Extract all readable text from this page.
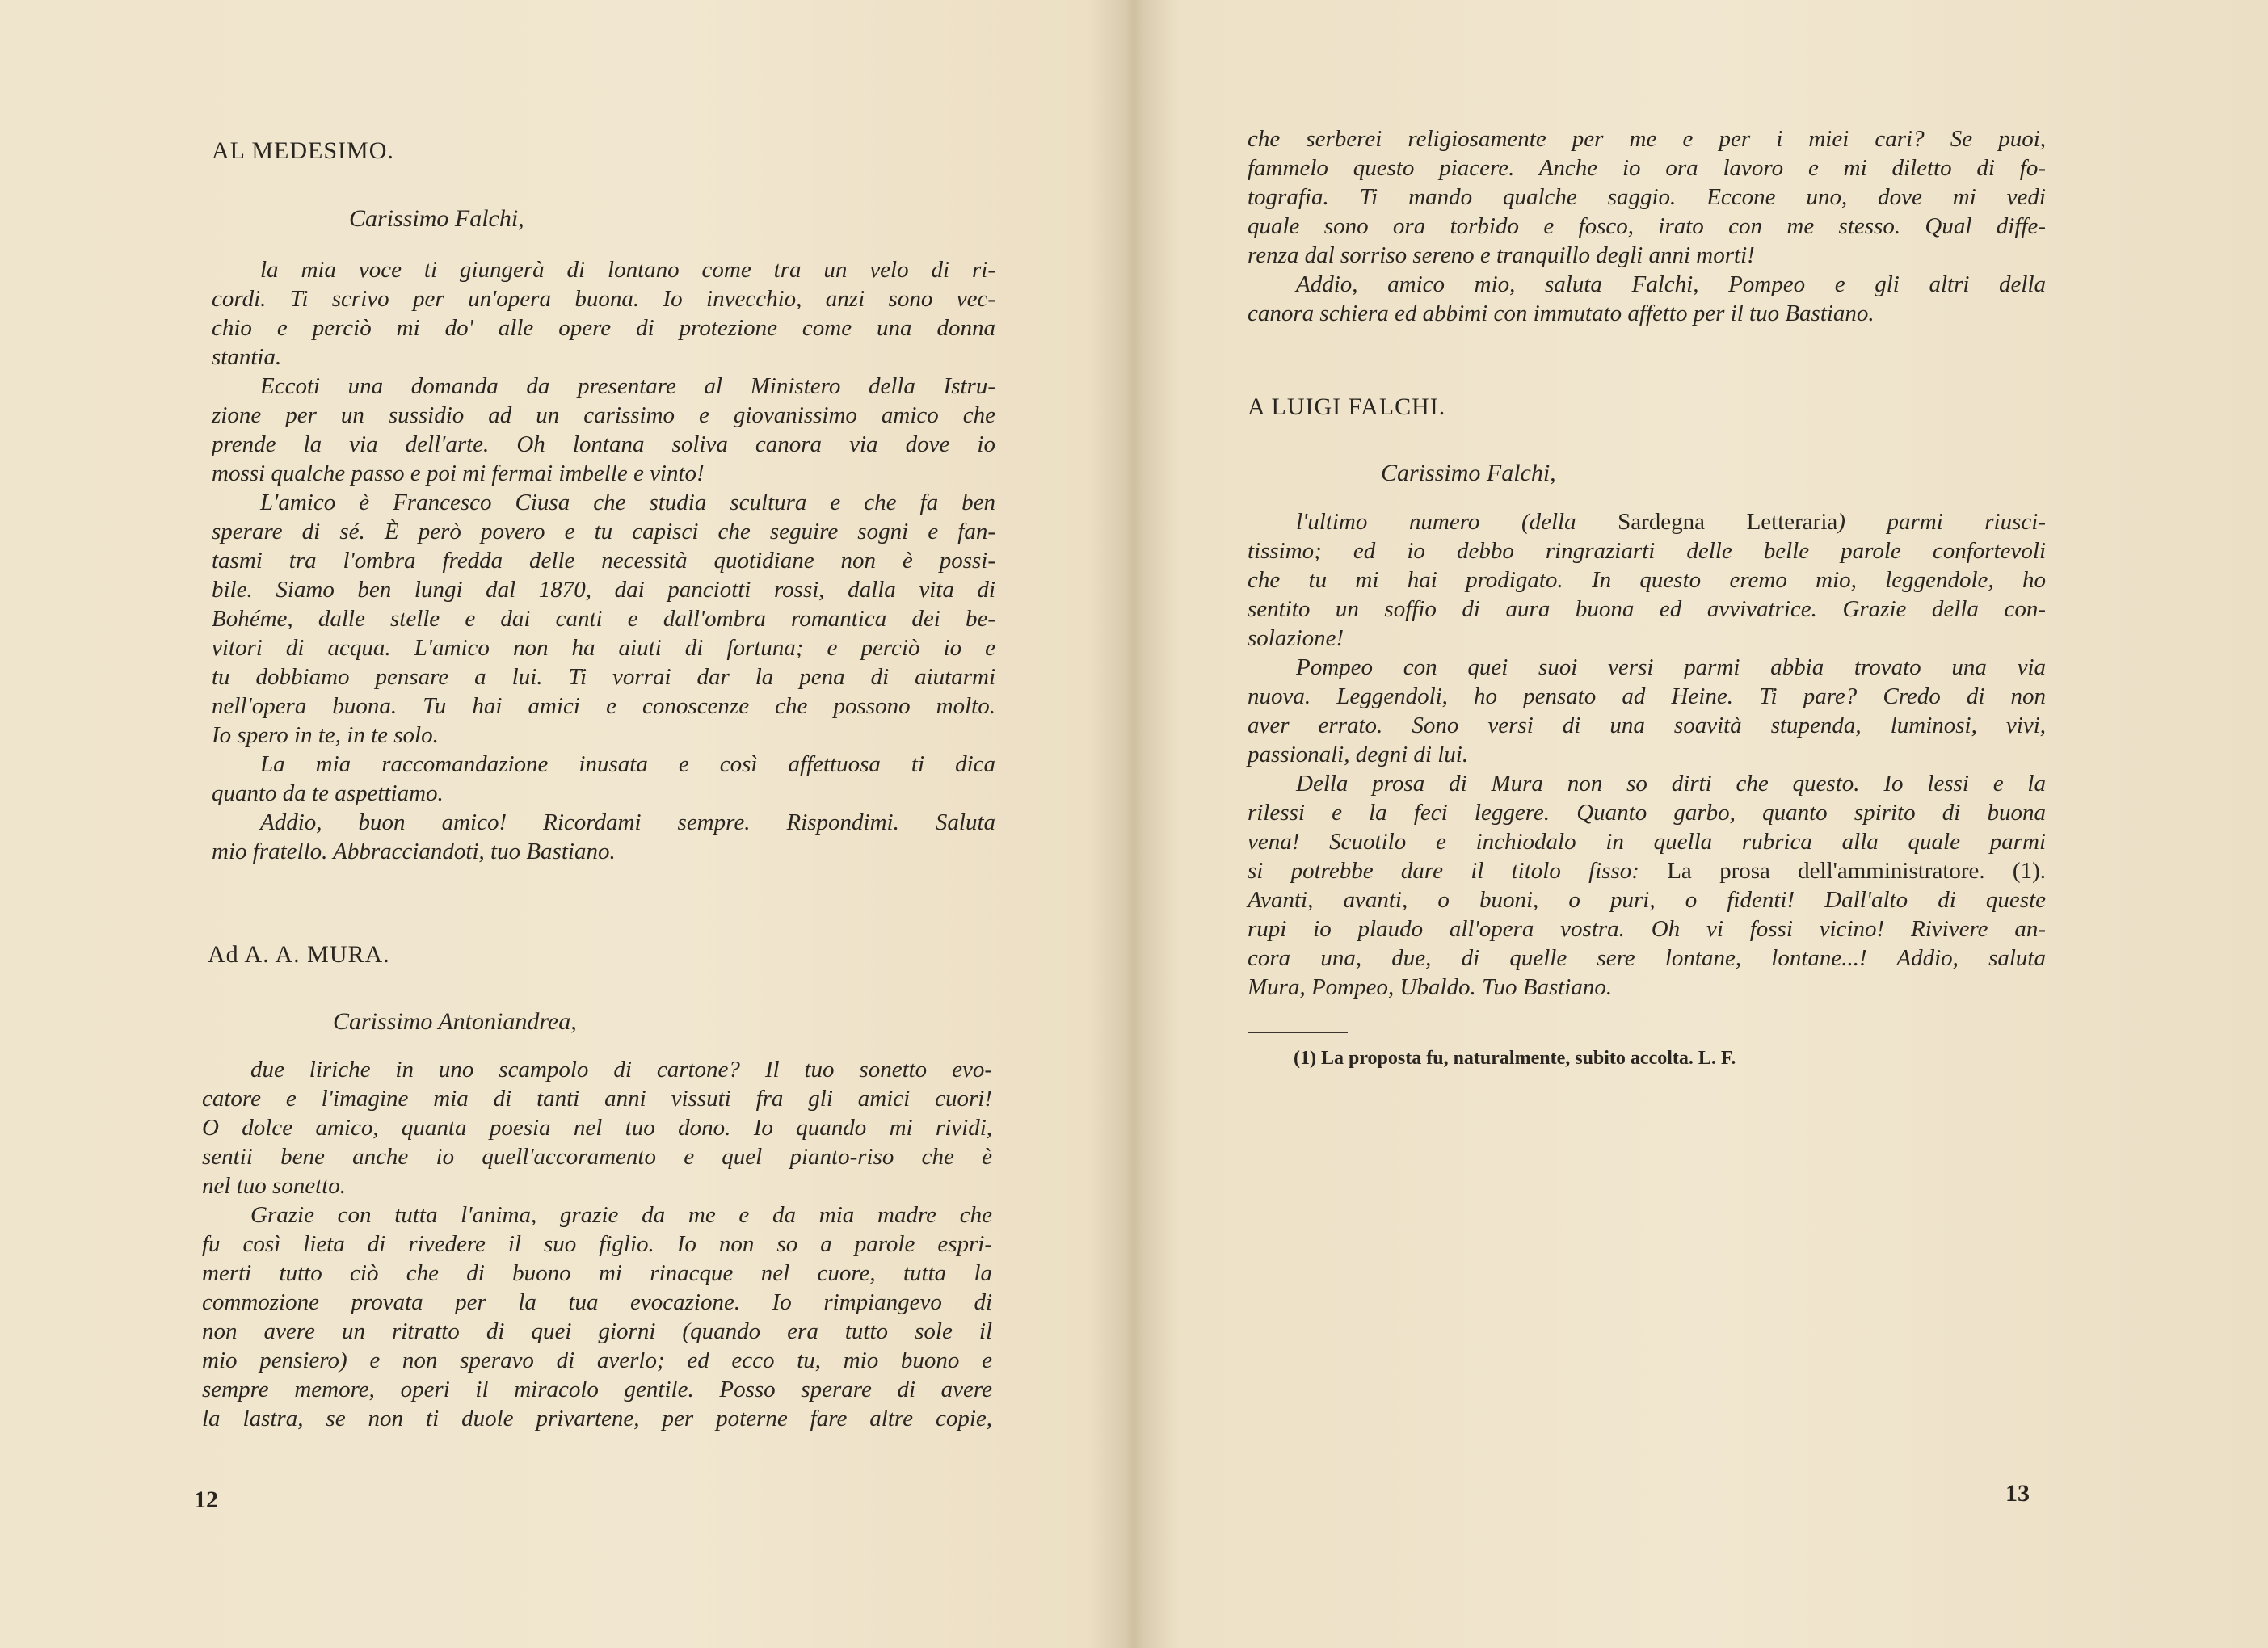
AL MEDESIMO.
Carissimo Falchi,
la mia voce ti giungerà di lontano come tra un velo di ri-
cordi. Ti scrivo per un'opera buona. Io invecchio, anzi sono vec-
chio e perciò mi do' alle opere di protezione come una donna
stantia.
Eccoti una domanda da presentare al Ministero della Istru-
zione per un sussidio ad un carissimo e giovanissimo amico che
prende la via dell'arte. Oh lontana soliva canora via dove io
mossi qualche passo e poi mi fermai imbelle e vinto!
L'amico è Francesco Ciusa che studia scultura e che fa ben
sperare di sé. È però povero e tu capisci che seguire sogni e fan-
tasmi tra l'ombra fredda delle necessità quotidiane non è possi-
bile. Siamo ben lungi dal 1870, dai panciotti rossi, dalla vita di
Bohéme, dalle stelle e dai canti e dall'ombra romantica dei be-
vitori di acqua. L'amico non ha aiuti di fortuna; e perciò io e
tu dobbiamo pensare a lui. Ti vorrai dar la pena di aiutarmi
nell'opera buona. Tu hai amici e conoscenze che possono molto.
Io spero in te, in te solo.
La mia raccomandazione inusata e così affettuosa ti dica
quanto da te aspettiamo.
Addio, buon amico! Ricordami sempre. Rispondimi. Saluta
mio fratello. Abbracciandoti, tuo Bastiano.
Ad A. A. MURA.
Carissimo Antoniandrea,
due liriche in uno scampolo di cartone? Il tuo sonetto evo-
catore e l'imagine mia di tanti anni vissuti fra gli amici cuori!
O dolce amico, quanta poesia nel tuo dono. Io quando mi rividi,
sentii bene anche io quell'accoramento e quel pianto-riso che è
nel tuo sonetto.
Grazie con tutta l'anima, grazie da me e da mia madre che
fu così lieta di rivedere il suo figlio. Io non so a parole espri-
merti tutto ciò che di buono mi rinacque nel cuore, tutta la
commozione provata per la tua evocazione. Io rimpiangevo di
non avere un ritratto di quei giorni (quando era tutto sole il
mio pensiero) e non speravo di averlo; ed ecco tu, mio buono e
sempre memore, operi il miracolo gentile. Posso sperare di avere
la lastra, se non ti duole privartene, per poterne fare altre copie,
12
che serberei religiosamente per me e per i miei cari? Se puoi,
fammelo questo piacere. Anche io ora lavoro e mi diletto di fo-
tografia. Ti mando qualche saggio. Eccone uno, dove mi vedi
quale sono ora torbido e fosco, irato con me stesso. Qual diffe-
renza dal sorriso sereno e tranquillo degli anni morti!
Addio, amico mio, saluta Falchi, Pompeo e gli altri della
canora schiera ed abbimi con immutato affetto per il tuo Bastiano.
A LUIGI FALCHI.
Carissimo Falchi,
l'ultimo numero (della Sardegna Letteraria) parmi riusci-
tissimo; ed io debbo ringraziarti delle belle parole confortevoli
che tu mi hai prodigato. In questo eremo mio, leggendole, ho
sentito un soffio di aura buona ed avvivatrice. Grazie della con-
solazione!
Pompeo con quei suoi versi parmi abbia trovato una via
nuova. Leggendoli, ho pensato ad Heine. Ti pare? Credo di non
aver errato. Sono versi di una soavità stupenda, luminosi, vivi,
passionali, degni di lui.
Della prosa di Mura non so dirti che questo. Io lessi e la
rilessi e la feci leggere. Quanto garbo, quanto spirito di buona
vena! Scuotilo e inchiodalo in quella rubrica alla quale parmi
si potrebbe dare il titolo fisso: La prosa dell'amministratore. (1).
Avanti, avanti, o buoni, o puri, o fidenti! Dall'alto di queste
rupi io plaudo all'opera vostra. Oh vi fossi vicino! Rivivere an-
cora una, due, di quelle sere lontane, lontane...! Addio, saluta
Mura, Pompeo, Ubaldo. Tuo Bastiano.
(1) La proposta fu, naturalmente, subito accolta. L. F.
13
